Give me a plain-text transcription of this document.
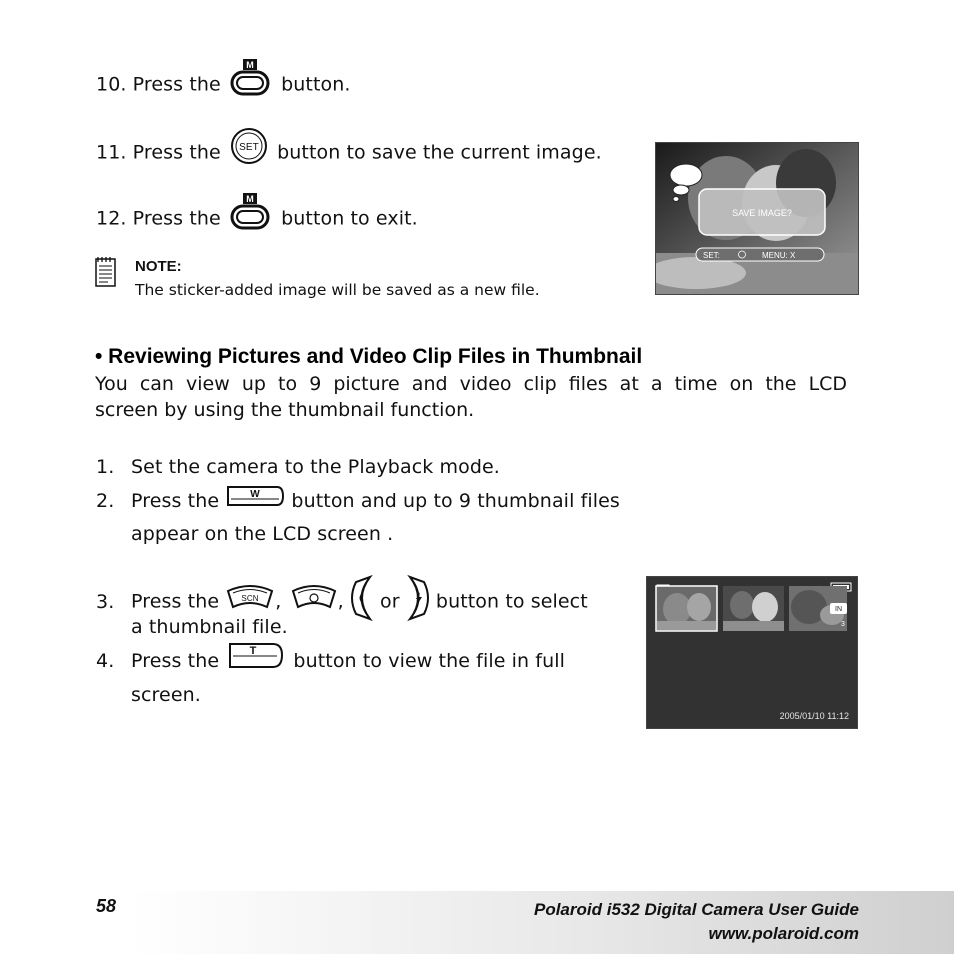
10. Press the
M
button.
11. Press the SET button to save the current image.
12. Press the
M
button to exit.
NOTE:
The sticker-added image will be saved as a new file.
SAVE IMAGE?
SET:	MENU: X
• Reviewing Pictures and Video Clip Files in Thumbnail
You  can  view  up  to  9  picture  and  video  clip  files  at  a  time  on  the  LCD
screen by using the thumbnail function.
1. Set the camera to the Playback mode.
2. Press the	W button and up to 9 thumbnail files
appear on the LCD screen .
3. Press the	SCN ,	, or button to select
a thumbnail file.
4. Press the	T button to view the file in full
screen.
IN
3
2005/01/10 11:12
58	Polaroid i532 Digital Camera User Guide
www.polaroid.com
